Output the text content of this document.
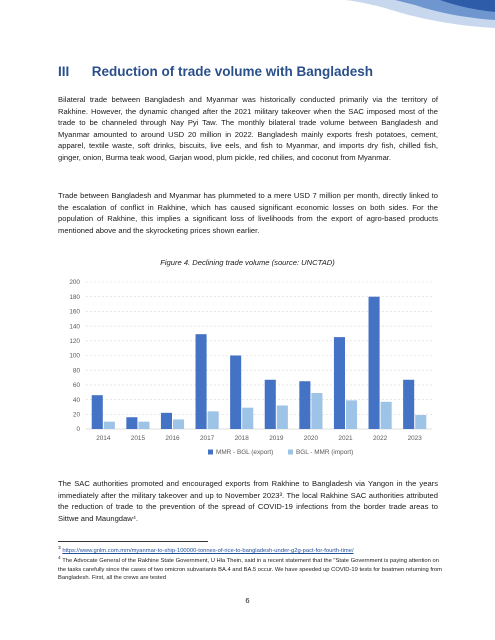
III Reduction of trade volume with Bangladesh

Bilateral trade between Bangladesh and Myanmar was historically conducted primarily via the territory of Rakhine. However, the dynamic changed after the 2021 military takeover when the SAC imposed most of the trade to be channeled through Nay Pyi Taw. The monthly bilateral trade volume between Bangladesh and Myanmar amounted to around USD 20 million in 2022. Bangladesh mainly exports fresh potatoes, cement, apparel, textile waste, soft drinks, biscuits, live eels, and fish to Myanmar, and imports dry fish, chilled fish, ginger, onion, Burma teak wood, Garjan wood, plum pickle, red chilies, and coconut from Myanmar.

Trade between Bangladesh and Myanmar has plummeted to a mere USD 7 million per month, directly linked to the escalation of conflict in Rakhine, which has caused significant economic losses on both sides. For the population of Rakhine, this implies a significant loss of livelihoods from the export of agro-based products mentioned above and the skyrocketing prices shown earlier.

Figure 4. Declining trade volume (source: UNCTAD)
0
20
40
60
80
100
120
140
160
180
200
2014	2015	2016	2017	2018	2019	2020	2021	2022	2023
MMR - BGL (export)	BGL - MMR (import)

The SAC authorities promoted and encouraged exports from Rakhine to Bangladesh via Yangon in the years immediately after the military takeover and up to November 2023³. The local Rakhine SAC authorities attributed the reduction of trade to the prevention of the spread of COVID-19 infections from the border trade areas to Sittwe and Maungdaw⁴.

$^3$ https://www.gnlm.com.mm/myanmar-to-ship-100000-tonnes-of-rice-to-bangladesh-under-g2g-pact-for-fourth-time/
$^4$ The Advocate General of the Rakhine State Government, U Hla Thein, said in a recent statement that the "State Government is paying attention on the tasks carefully since the cases of two omicron subvariants BA.4 and BA.5 occur. We have speeded up COVID-19 tests for boatmen returning from Bangladesh. First, all the crews are tested
6
